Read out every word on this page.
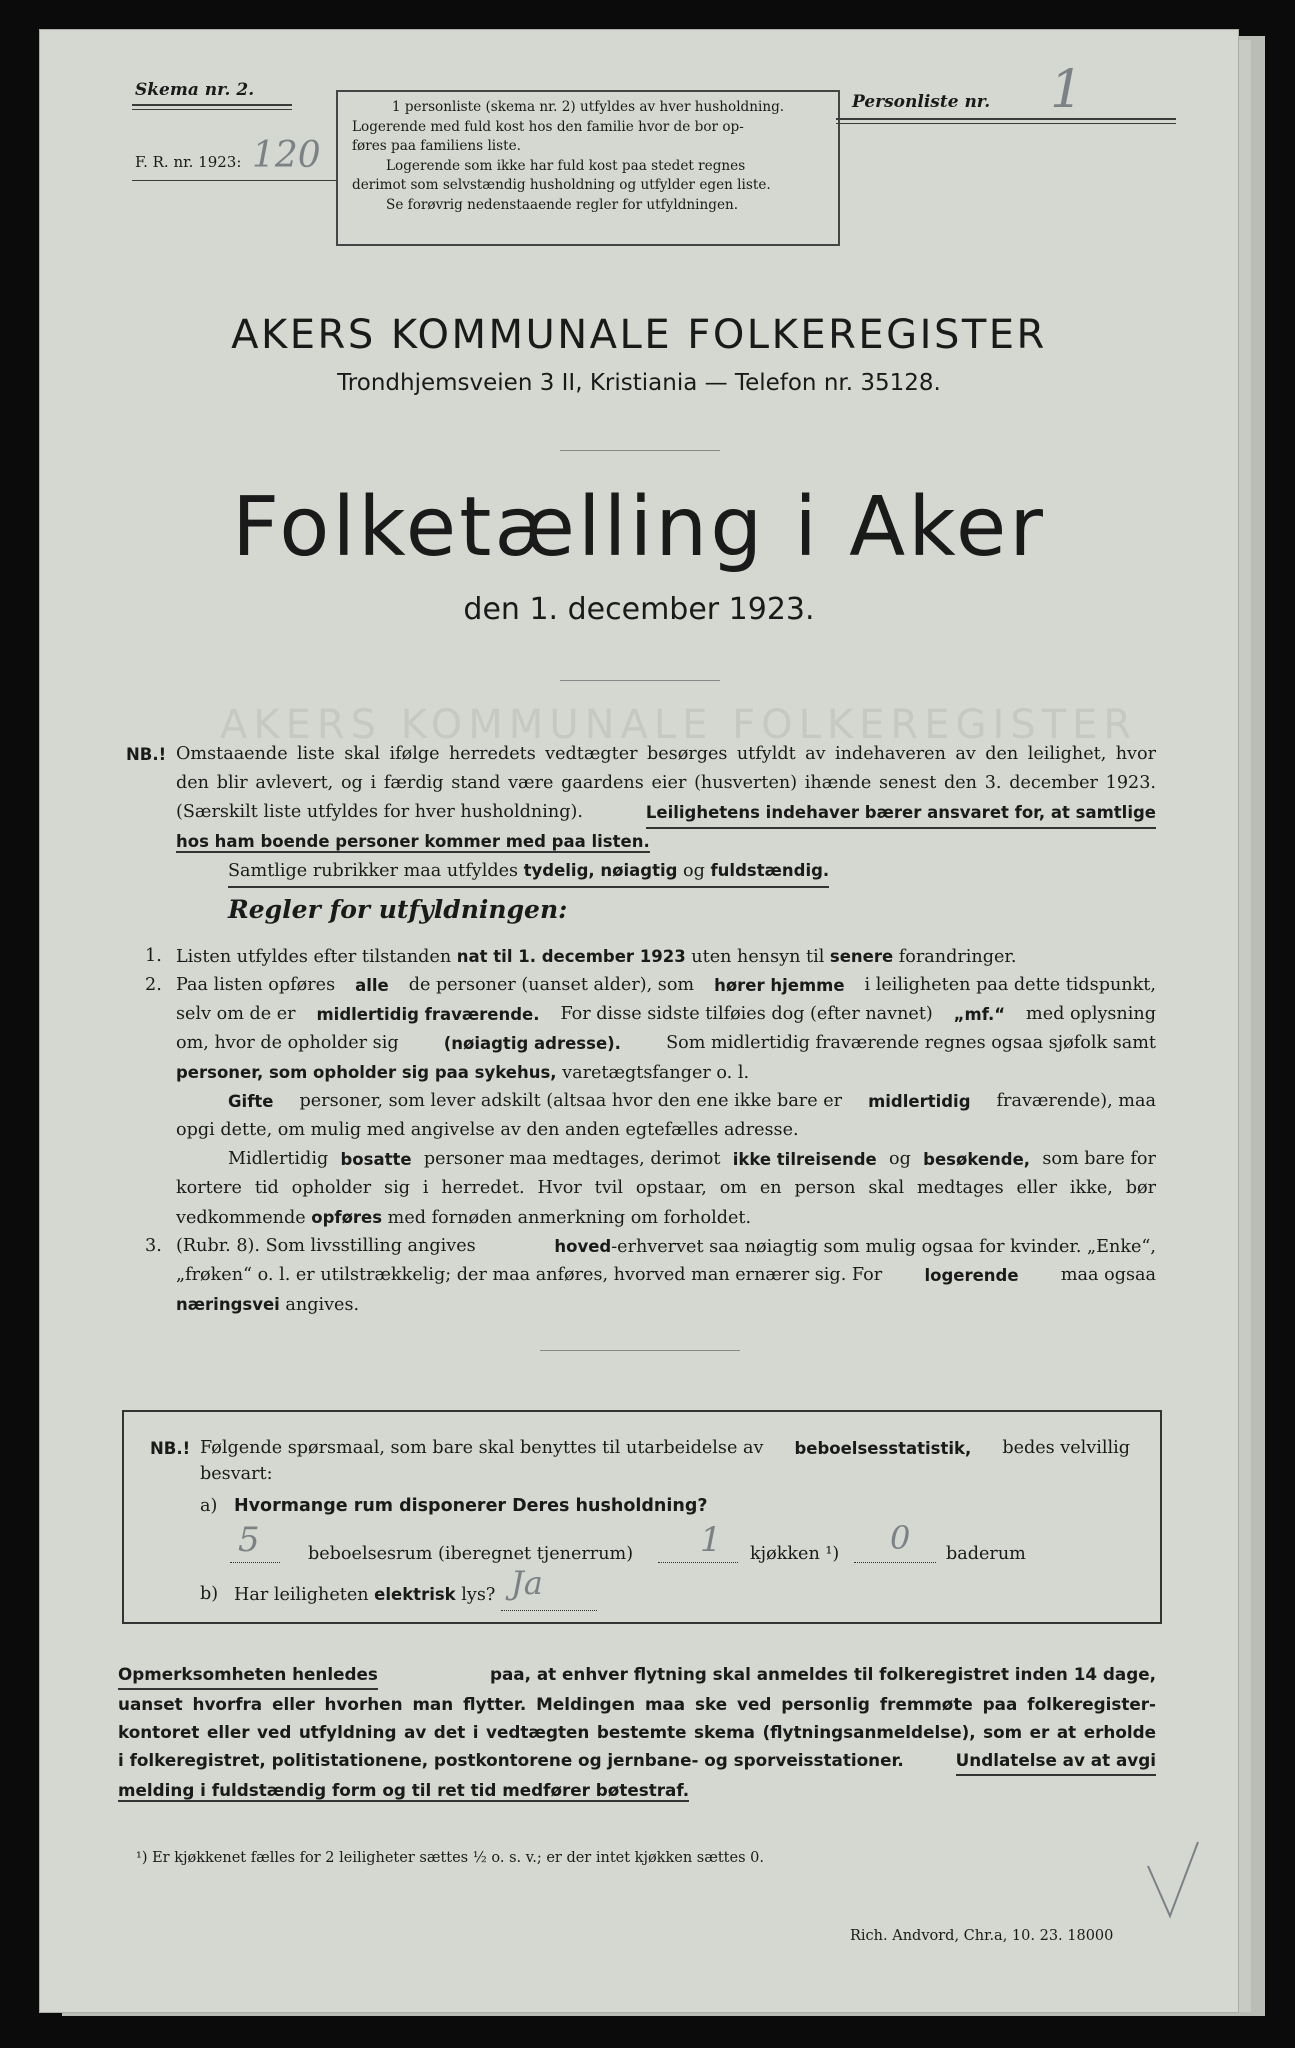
Skema nr. 2.
F. R. nr. 1923: 120

1 personliste (skema nr. 2) utfyldes av hver husholdning.

Logerende med fuld kost hos den familie hvor de bor op-

føres paa familiens liste.

Logerende som ikke har fuld kost paa stedet regnes

derimot som selvstændig husholdning og utfylder egen liste.

Se forøvrig nedenstaaende regler for utfyldningen.

Personliste nr. 1
AKERS KOMMUNALE FOLKEREGISTER
Trondhjemsveien 3 II, Kristiania — Telefon nr. 35128.
Folketælling i Aker
den 1. december 1923.
AKERS KOMMUNALE FOLKEREGISTER
NB.! Omstaaende liste skal ifølge herredets vedtægter besørges utfyldt av indehaveren av den leilighet, hvor
den blir avlevert, og i færdig stand være gaardens eier (husverten) ihænde senest den 3. december 1923.
(Særskilt liste utfyldes for hver husholdning).	Leilighetens indehaver bærer ansvaret for, at samtlige
hos ham boende personer kommer med paa listen.
Samtlige rubrikker maa utfyldes tydelig, nøiagtig og fuldstændig.
Regler for utfyldningen:
1. Listen utfyldes efter tilstanden nat til 1. december 1923 uten hensyn til senere forandringer.
2. Paa listen opføres alle de personer (uanset alder), som hører hjemme i leiligheten paa dette tidspunkt,
selv om de er midlertidig fraværende. For disse sidste tilføies dog (efter navnet) „mf.“ med oplysning
om, hvor de opholder sig	(nøiagtig adresse).	Som midlertidig fraværende regnes ogsaa sjøfolk samt
personer, som opholder sig paa sykehus, varetægtsfanger o. l.
Gifte personer, som lever adskilt (altsaa hvor den ene ikke bare er midlertidig fraværende), maa
opgi dette, om mulig med angivelse av den anden egtefælles adresse.
Midlertidig bosatte personer maa medtages, derimot ikke tilreisende og besøkende, som bare for
kortere tid opholder sig i herredet. Hvor tvil opstaar, om en person skal medtages eller ikke, bør
vedkommende opføres med fornøden anmerkning om forholdet.
3. (Rubr. 8). Som livsstilling angives	hoved-erhvervet saa nøiagtig som mulig ogsaa for kvinder. „Enke“,
„frøken“ o. l. er utilstrækkelig; der maa anføres, hvorved man ernærer sig. For	logerende maa ogsaa
næringsvei angives.
NB.! Følgende spørsmaal, som bare skal benyttes til utarbeidelse av beboelsesstatistik, bedes velvillig
besvart:
a) Hvormange rum disponerer Deres husholdning?
5	beboelsesrum (iberegnet tjenerrum) 1 kjøkken ¹) 0 baderum
b) Har leiligheten elektrisk lys? Ja

Opmerksomheten henledes	paa, at enhver flytning skal anmeldes til folkeregistret inden 14 dage,
uanset hvorfra eller hvorhen man flytter. Meldingen maa ske ved personlig fremmøte paa folkeregister-
kontoret eller ved utfyldning av det i vedtægten bestemte skema (flytningsanmeldelse), som er at erholde
i folkeregistret, politistationene, postkontorene og jernbane- og sporveisstationer.	Undlatelse av at avgi
melding i fuldstændig form og til ret tid medfører bøtestraf.
¹) Er kjøkkenet fælles for 2 leiligheter sættes ½ o. s. v.; er der intet kjøkken sættes 0.
Rich. Andvord, Chr.a, 10. 23. 18000
